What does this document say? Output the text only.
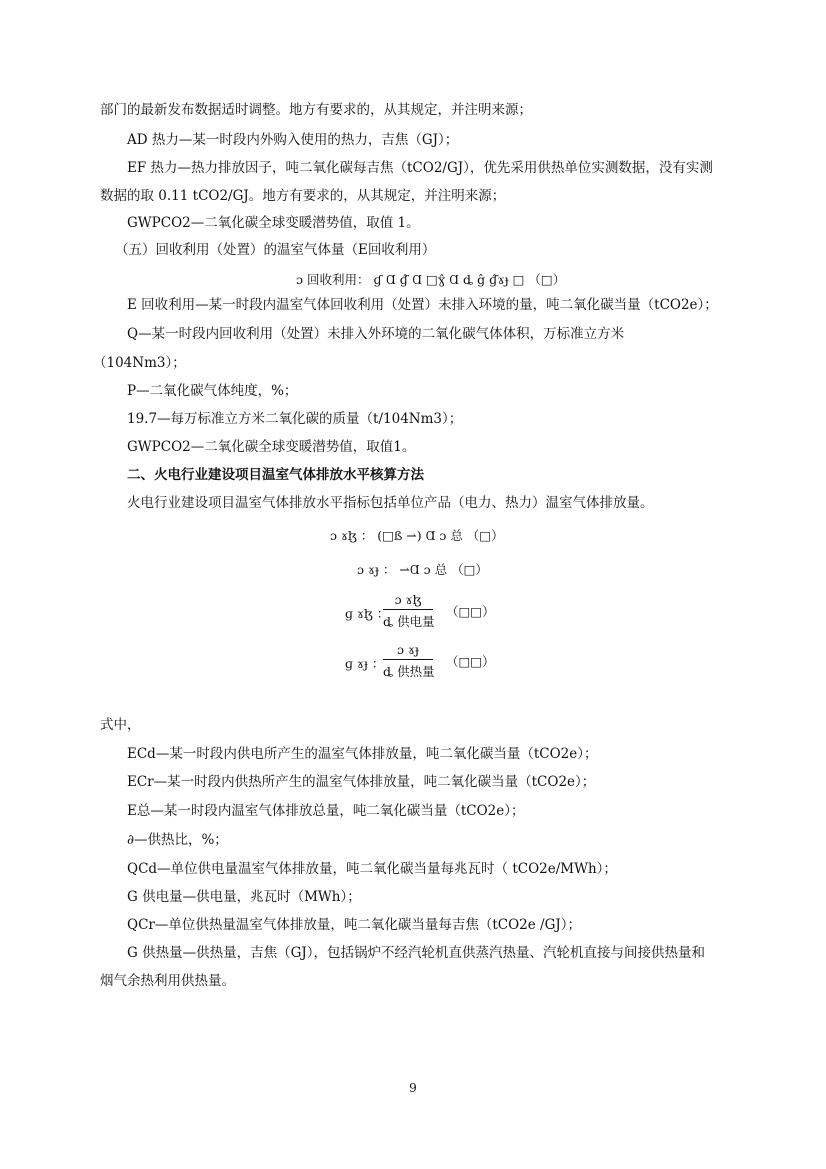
部门的最新发布数据适时调整。地方有要求的，从其规定，并注明来源；
AD 热力—某一时段内外购入使用的热力，吉焦（GJ）；
EF 热力—热力排放因子，吨二氧化碳每吉焦（tCO2/GJ），优先采用供热单位实测数据，没有实测
数据的取 0.11 tCO2/GJ。地方有要求的，从其规定，并注明来源；
GWPCO2—二氧化碳全球变暖潜势值，取值 1。
（五）回收利用（处置）的温室气体量（E回收利用）
ɔ 回收利用： ɠ Ɑ ɠ̂ Ɑ □ɣ̂ Ɑ ȡ ĝ ɠ̂ɤɟ □ （□）
E 回收利用—某一时段内温室气体回收利用（处置）未排入环境的量，吨二氧化碳当量（tCO2e）；
Q—某一时段内回收利用（处置）未排入外环境的二氧化碳气体体积，万标准立方米
（104Nm3）；
P—二氧化碳气体纯度，%；
19.7—每万标准立方米二氧化碳的质量（t/104Nm3）；
GWPCO2—二氧化碳全球变暖潜势值，取值1。
二、火电行业建设项目温室气体排放水平核算方法
火电行业建设项目温室气体排放水平指标包括单位产品（电力、热力）温室气体排放量。
ɔ ɤɮ ： (□ß ⇀) Ɑ ɔ 总 （□）
ɔ ɤɟ ： ⇀Ɑ ɔ 总 （□）
ɡ ɤɮ ：
ɔ ɤɮ
ȡ 供电量
（□□）
ɡ ɤɟ ：
ɔ ɤɟ
ȡ 供热量
（□□）
式中，
ECd—某一时段内供电所产生的温室气体排放量，吨二氧化碳当量（tCO2e）；
ECr—某一时段内供热所产生的温室气体排放量，吨二氧化碳当量（tCO2e）；
E总—某一时段内温室气体排放总量，吨二氧化碳当量（tCO2e）；
∂—供热比，%；
QCd—单位供电量温室气体排放量，吨二氧化碳当量每兆瓦时（ tCO2e/MWh）；
G 供电量—供电量，兆瓦时（MWh）；
QCr—单位供热量温室气体排放量，吨二氧化碳当量每吉焦（tCO2e /GJ）；
G 供热量—供热量，吉焦（GJ），包括锅炉不经汽轮机直供蒸汽热量、汽轮机直接与间接供热量和
烟气余热利用供热量。
9
